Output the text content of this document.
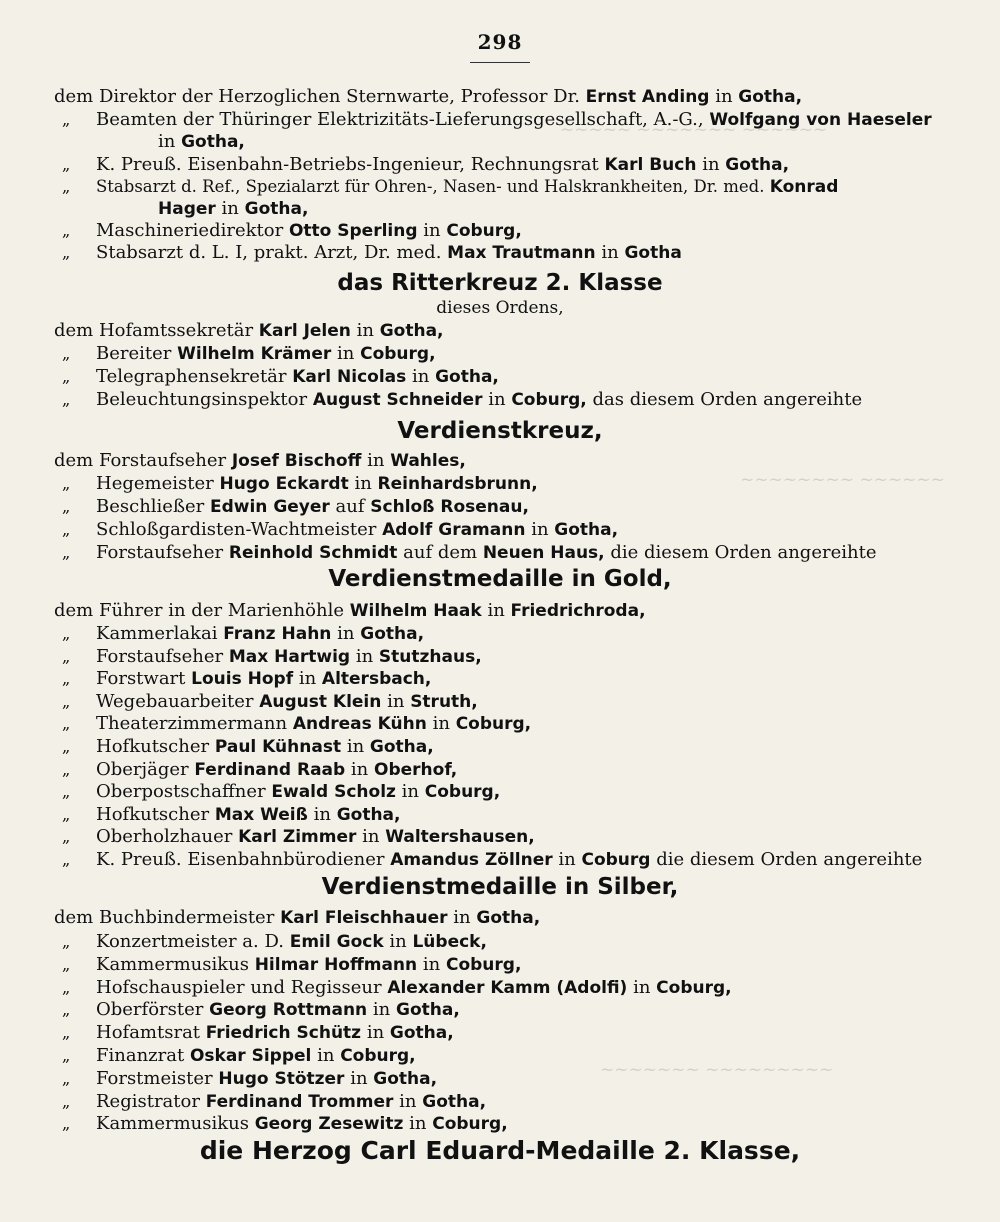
~~~~~ ~~~~~~~ ~~~~~~
~~~~~~~~ ~~~~~~
~~~~~~~ ~~~~~~~~~
298
dem Direktor der Herzoglichen Sternwarte, Professor Dr. Ernst Anding in Gotha,
„ Beamten der Thüringer Elektrizitäts-Lieferungsgesellschaft, A.-G., Wolfgang von Haeseler
in Gotha,
„ K. Preuß. Eisenbahn-Betriebs-Ingenieur, Rechnungsrat Karl Buch in Gotha,
„ Stabsarzt d. Ref., Spezialarzt für Ohren-, Nasen- und Halskrankheiten, Dr. med. Konrad
Hager in Gotha,
„ Maschineriedirektor Otto Sperling in Coburg,
„ Stabsarzt d. L. I, prakt. Arzt, Dr. med. Max Trautmann in Gotha
das Ritterkreuz 2. Klasse
dieses Ordens,
dem Hofamtssekretär Karl Jelen in Gotha,
„ Bereiter Wilhelm Krämer in Coburg,
„ Telegraphensekretär Karl Nicolas in Gotha,
„ Beleuchtungsinspektor August Schneider in Coburg, das diesem Orden angereihte
Verdienstkreuz,
dem Forstaufseher Josef Bischoff in Wahles,
„ Hegemeister Hugo Eckardt in Reinhardsbrunn,
„ Beschließer Edwin Geyer auf Schloß Rosenau,
„ Schloßgardisten-Wachtmeister Adolf Gramann in Gotha,
„ Forstaufseher Reinhold Schmidt auf dem Neuen Haus, die diesem Orden angereihte
Verdienstmedaille in Gold,
dem Führer in der Marienhöhle Wilhelm Haak in Friedrichroda,
„ Kammerlakai Franz Hahn in Gotha,
„ Forstaufseher Max Hartwig in Stutzhaus,
„ Forstwart Louis Hopf in Altersbach,
„ Wegebauarbeiter August Klein in Struth,
„ Theaterzimmermann Andreas Kühn in Coburg,
„ Hofkutscher Paul Kühnast in Gotha,
„ Oberjäger Ferdinand Raab in Oberhof,
„ Oberpostschaffner Ewald Scholz in Coburg,
„ Hofkutscher Max Weiß in Gotha,
„ Oberholzhauer Karl Zimmer in Waltershausen,
„ K. Preuß. Eisenbahnbürodiener Amandus Zöllner in Coburg die diesem Orden angereihte
Verdienstmedaille in Silber,
dem Buchbindermeister Karl Fleischhauer in Gotha,
„ Konzertmeister a. D. Emil Gock in Lübeck,
„ Kammermusikus Hilmar Hoffmann in Coburg,
„ Hofschauspieler und Regisseur Alexander Kamm (Adolfi) in Coburg,
„ Oberförster Georg Rottmann in Gotha,
„ Hofamtsrat Friedrich Schütz in Gotha,
„ Finanzrat Oskar Sippel in Coburg,
„ Forstmeister Hugo Stötzer in Gotha,
„ Registrator Ferdinand Trommer in Gotha,
„ Kammermusikus Georg Zesewitz in Coburg,
die Herzog Carl Eduard-Medaille 2. Klasse,
